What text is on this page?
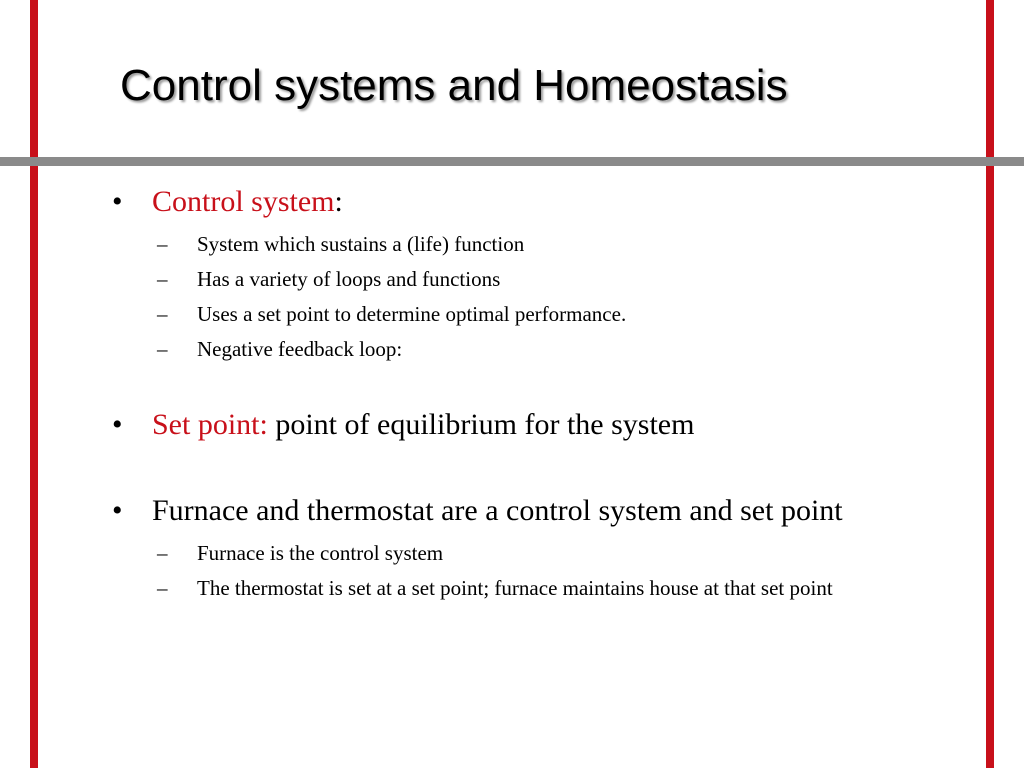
Control systems and Homeostasis
• Control system:
– System which sustains a (life) function
– Has a variety of loops and functions
– Uses a set point to determine optimal performance.
– Negative feedback loop:
• Set point: point of equilibrium for the system
• Furnace and thermostat are a control system and set point
– Furnace is the control system
– The thermostat is set at a set point; furnace maintains house at that set point
